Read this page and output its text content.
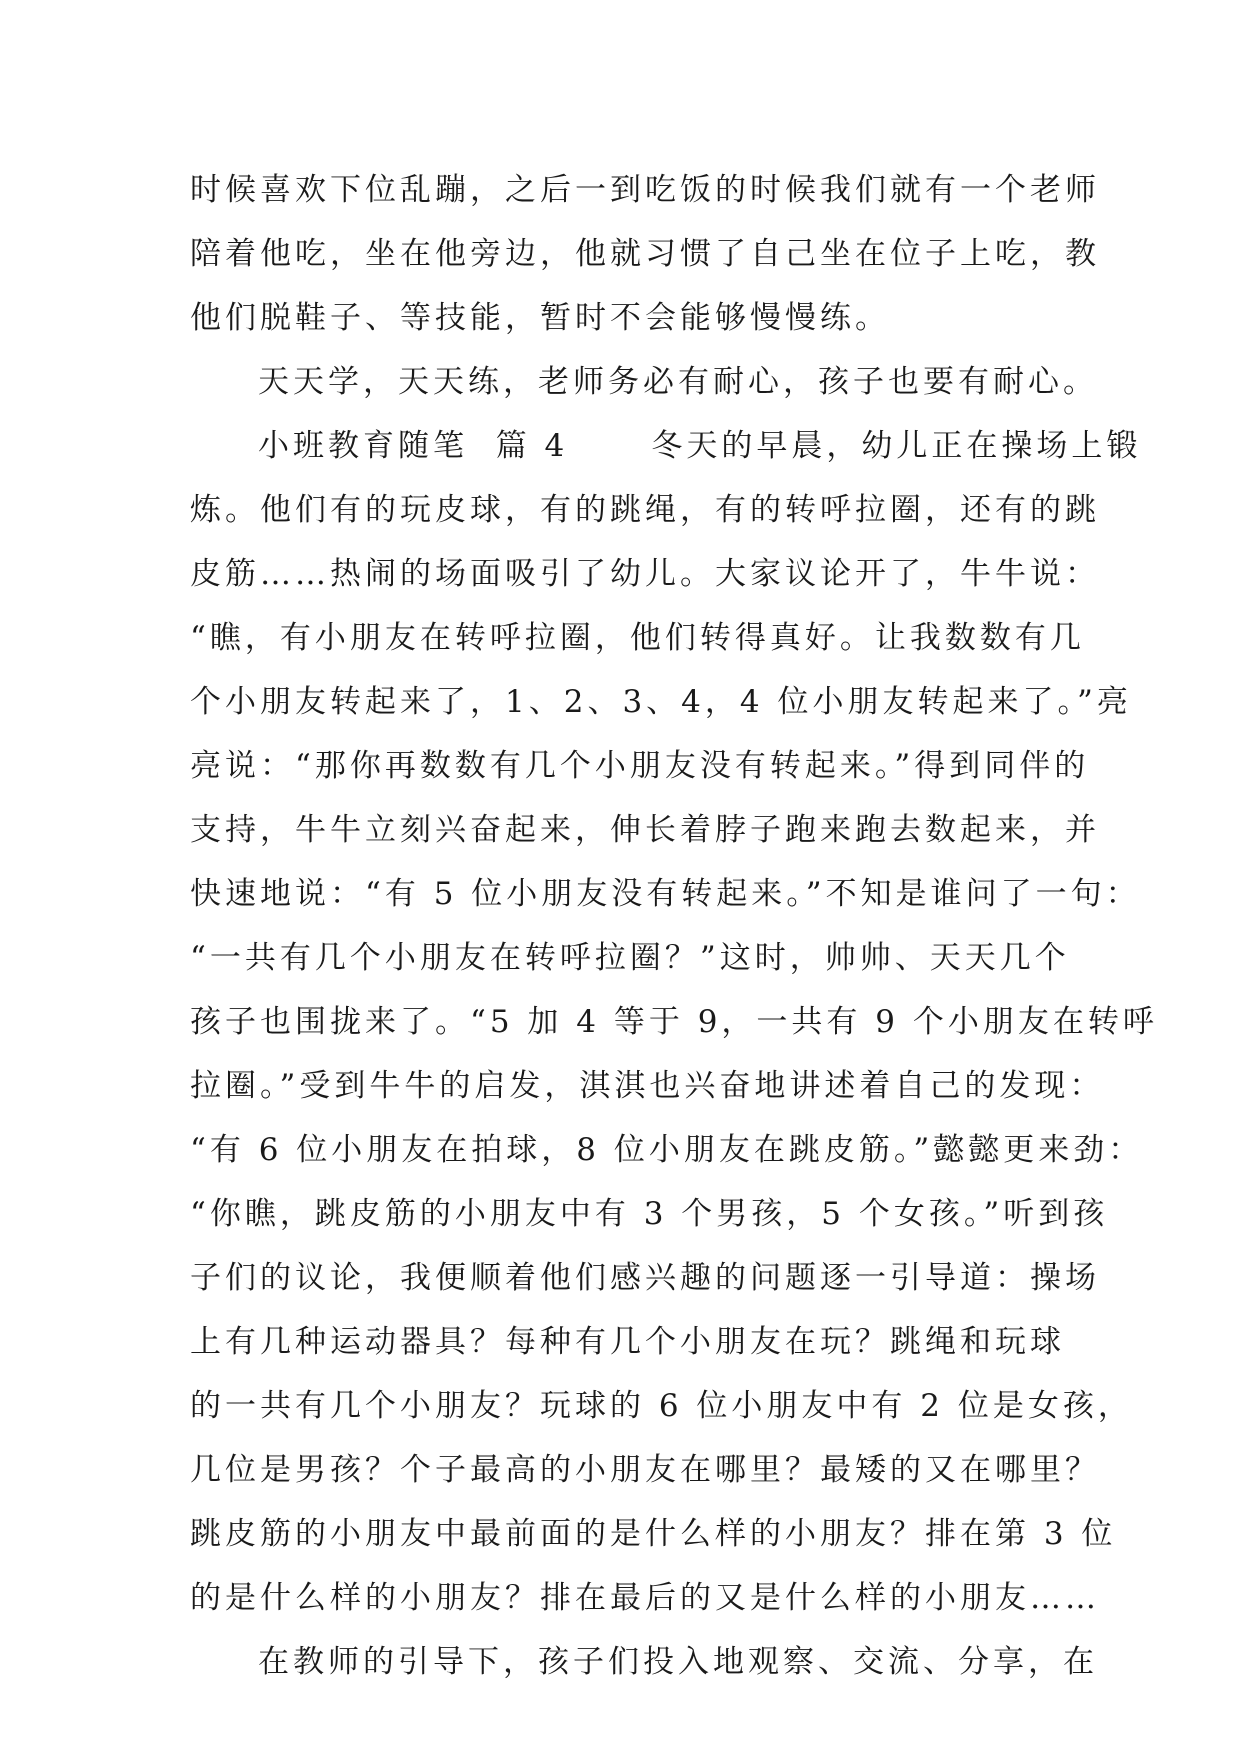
时候喜欢下位乱蹦，之后一到吃饭的时候我们就有一个老师
陪着他吃，坐在他旁边，他就习惯了自己坐在位子上吃，教
他们脱鞋子、等技能，暂时不会能够慢慢练。
天天学，天天练，老师务必有耐心，孩子也要有耐心。
小班教育随笔  篇 4      冬天的早晨，幼儿正在操场上锻
炼。他们有的玩皮球，有的跳绳，有的转呼拉圈，还有的跳
皮筋……热闹的场面吸引了幼儿。大家议论开了，牛牛说：
“瞧，有小朋友在转呼拉圈，他们转得真好。让我数数有几
个小朋友转起来了，1、2、3、4，4 位小朋友转起来了。”亮
亮说：“那你再数数有几个小朋友没有转起来。”得到同伴的
支持，牛牛立刻兴奋起来，伸长着脖子跑来跑去数起来，并
快速地说：“有 5 位小朋友没有转起来。”不知是谁问了一句：
“一共有几个小朋友在转呼拉圈？”这时，帅帅、天天几个
孩子也围拢来了。“5 加 4 等于 9，一共有 9 个小朋友在转呼
拉圈。”受到牛牛的启发，淇淇也兴奋地讲述着自己的发现：
“有 6 位小朋友在拍球，8 位小朋友在跳皮筋。”懿懿更来劲：
“你瞧，跳皮筋的小朋友中有 3 个男孩，5 个女孩。”听到孩
子们的议论，我便顺着他们感兴趣的问题逐一引导道：操场
上有几种运动器具？每种有几个小朋友在玩？跳绳和玩球
的一共有几个小朋友？玩球的 6 位小朋友中有 2 位是女孩，
几位是男孩？个子最高的小朋友在哪里？最矮的又在哪里？
跳皮筋的小朋友中最前面的是什么样的小朋友？排在第 3 位
的是什么样的小朋友？排在最后的又是什么样的小朋友……
在教师的引导下，孩子们投入地观察、交流、分享，在
